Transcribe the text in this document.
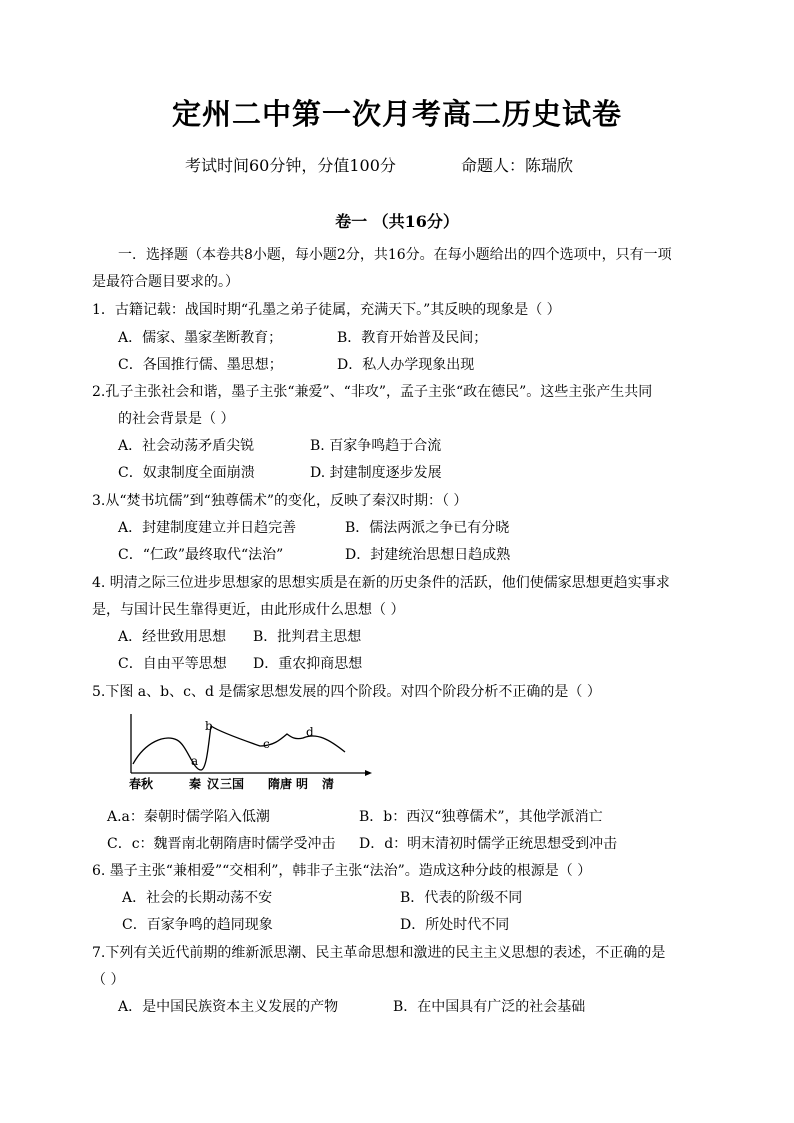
定州二中第一次月考高二历史试卷
考试时间60分钟，分值100分	命题人：陈瑞欣
卷一 （共16分）
一．选择题（本卷共8小题，每小题2分，共16分。在每小题给出的四个选项中，只有一项
是最符合题目要求的。）
1．古籍记载：战国时期“孔墨之弟子徒属，充满天下。”其反映的现象是（ ）
A．儒家、墨家垄断教育；	B．教育开始普及民间；
C．各国推行儒、墨思想；	D．私人办学现象出现
2.孔子主张社会和谐，墨子主张“兼爱”、“非攻”，孟子主张“政在德民”。这些主张产生共同
的社会背景是（ ）
A．社会动荡矛盾尖锐	B. 百家争鸣趋于合流
C．奴隶制度全面崩溃	D. 封建制度逐步发展
3.从“焚书坑儒”到“独尊儒术”的变化，反映了秦汉时期：（ ）
A．封建制度建立并日趋完善	B．儒法两派之争已有分晓
C．“仁政”最终取代“法治”	D．封建统治思想日趋成熟
4. 明清之际三位进步思想家的思想实质是在新的历史条件的活跃，他们使儒家思想更趋实事求
是，与国计民生靠得更近，由此形成什么思想（ ）
A．经世致用思想 B．批判君主思想
C．自由平等思想 D．重农抑商思想
5.下图 a、b、c、d 是儒家思想发展的四个阶段。对四个阶段分析不正确的是（ ）
a
b
c
d
春秋	秦 汉 三国 隋唐 明 清
A.a：秦朝时儒学陷入低潮	B．b：西汉“独尊儒术”，其他学派消亡
C．c：魏晋南北朝隋唐时儒学受冲击 D．d：明末清初时儒学正统思想受到冲击
6. 墨子主张“兼相爱”“交相利”，韩非子主张“法治”。造成这种分歧的根源是（ ）
A．社会的长期动荡不安	B．代表的阶级不同
C．百家争鸣的趋同现象	D．所处时代不同
7.下列有关近代前期的维新派思潮、民主革命思想和激进的民主主义思想的表述，不正确的是
（ ）
A．是中国民族资本主义发展的产物	B．在中国具有广泛的社会基础
